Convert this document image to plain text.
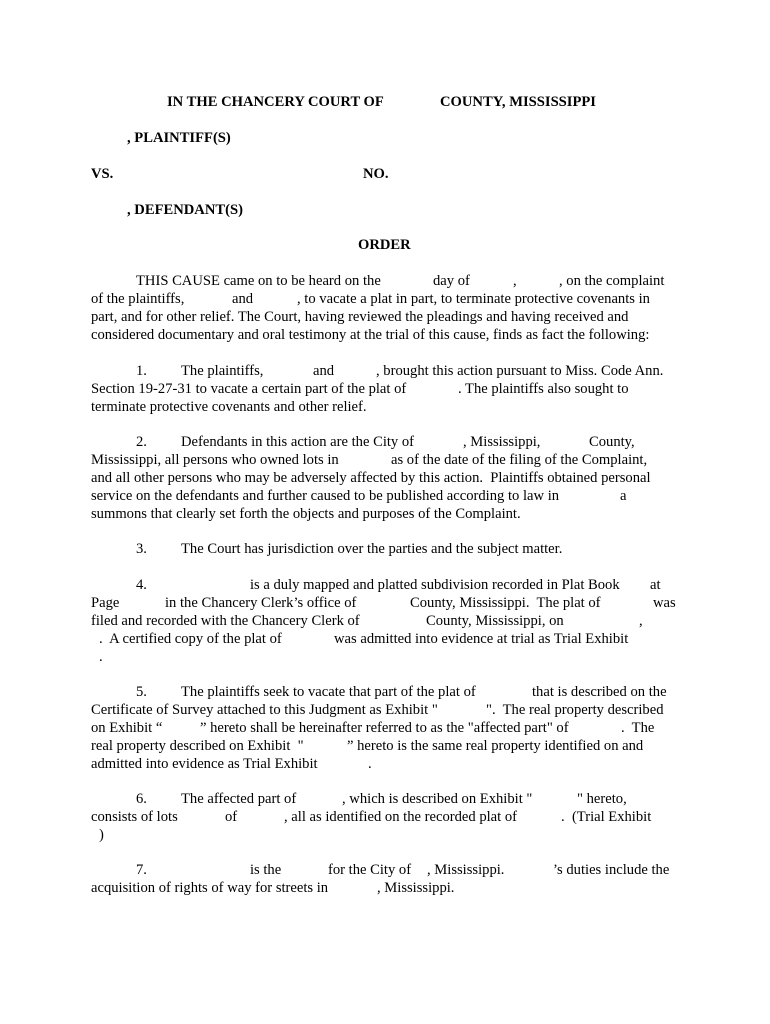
IN THE CHANCERY COURT OF	COUNTY, MISSISSIPPI
, PLAINTIFF(S)
VS.	NO.
, DEFENDANT(S)
ORDER
THIS CAUSE came on to be heard on the	day of	,	, on the complaint
of the plaintiffs,	and	, to vacate a plat in part, to terminate protective covenants in
part, and for other relief. The Court, having reviewed the pleadings and having received and
considered documentary and oral testimony at the trial of this cause, finds as fact the following:
1. The plaintiffs,	and	, brought this action pursuant to Miss. Code Ann.
Section 19-27-31 to vacate a certain part of the plat of	. The plaintiffs also sought to
terminate protective covenants and other relief.
2. Defendants in this action are the City of	, Mississippi,	County,
Mississippi, all persons who owned lots in	as of the date of the filing of the Complaint,
and all other persons who may be adversely affected by this action.  Plaintiffs obtained personal
service on the defendants and further caused to be published according to law in	a
summons that clearly set forth the objects and purposes of the Complaint.
3. The Court has jurisdiction over the parties and the subject matter.
4.	is a duly mapped and platted subdivision recorded in Plat Book at
Page	in the Chancery Clerk’s office of	County, Mississippi.  The plat of	was
filed and recorded with the Chancery Clerk of	County, Mississippi, on	,
.  A certified copy of the plat of	was admitted into evidence at trial as Trial Exhibit
.
5. The plaintiffs seek to vacate that part of the plat of	that is described on the
Certificate of Survey attached to this Judgment as Exhibit "	".  The real property described
on Exhibit “	” hereto shall be hereinafter referred to as the "affected part" of	.  The
real property described on Exhibit  "	” hereto is the same real property identified on and
admitted into evidence as Trial Exhibit	.
6. The affected part of	, which is described on Exhibit "	" hereto,
consists of lots	of	, all as identified on the recorded plat of	.  (Trial Exhibit
)
7.	is the	for the City of , Mississippi.	’s duties include the
acquisition of rights of way for streets in	, Mississippi.
